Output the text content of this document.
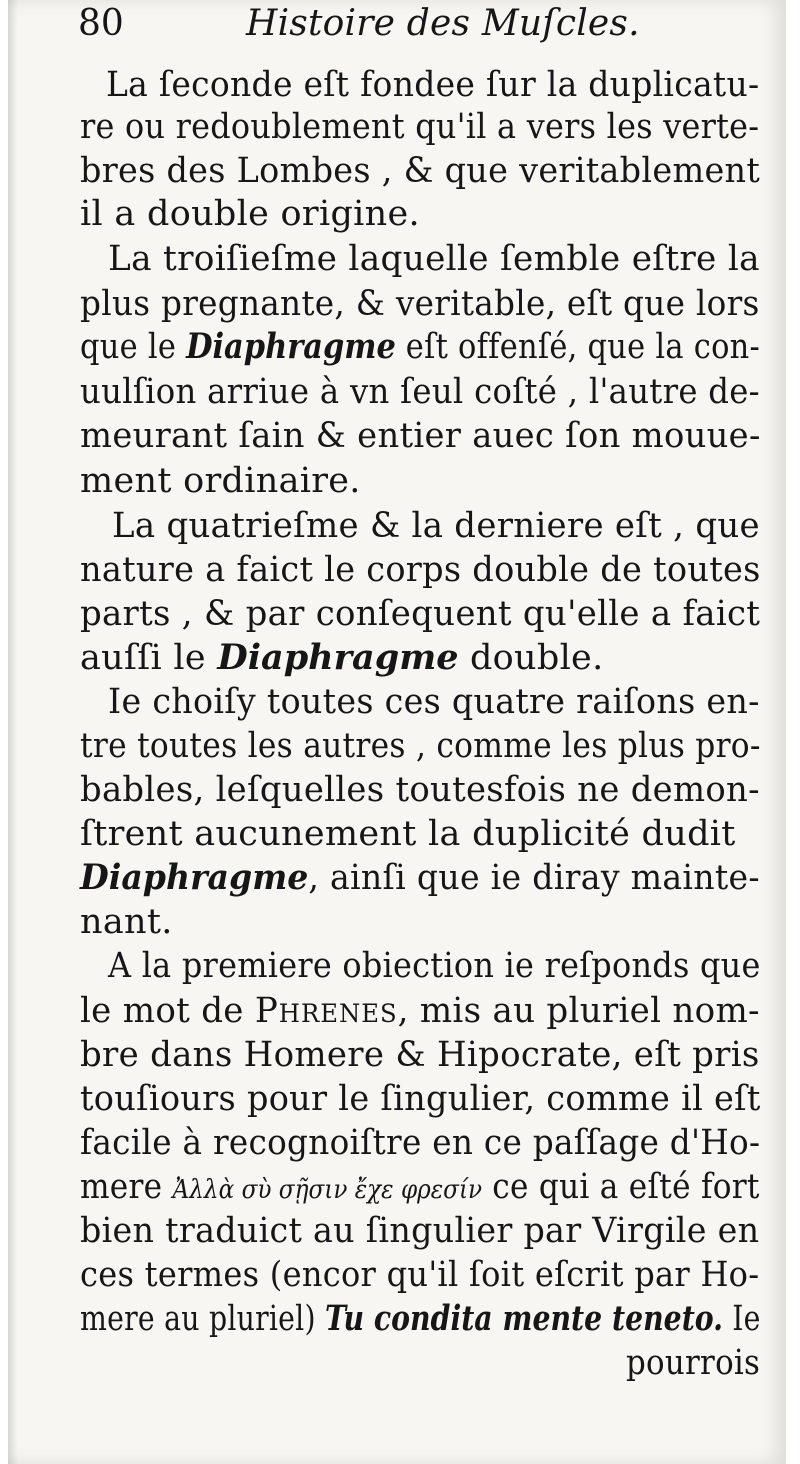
80	Histoire des Muſcles.
La ſeconde eſt fondee ſur la duplicatu-
re ou redoublement qu'il a vers les verte-
bres des Lombes , & que veritablement
il a double origine.
La troiſieſme laquelle ſemble eſtre la
plus pregnante, & veritable, eſt que lors
que le Diaphragme eſt offenſé, que la con-
uulſion arriue à vn ſeul coſté , l'autre de-
meurant ſain & entier auec ſon mouue-
ment ordinaire.
La quatrieſme & la derniere eſt , que
nature a faict le corps double de toutes
parts , & par conſequent qu'elle a faict
auſſi le Diaphragme double.
Ie choiſy toutes ces quatre raiſons en-
tre toutes les autres , comme les plus pro-
bables, leſquelles toutesfois ne demon-
ſtrent aucunement la duplicité dudit
Diaphragme, ainſi que ie diray mainte-
nant.
A la premiere obiection ie reſponds que
le mot de Phrenes, mis au pluriel nom-
bre dans Homere & Hipocrate, eſt pris
touſiours pour le ſingulier, comme il eſt
facile à recognoiſtre en ce paſſage d'Ho-
mere Ἀλλὰ σὺ σῇσιν ἔχε φρεσίν ce qui a eſté fort
bien traduict au ſingulier par Virgile en
ces termes (encor qu'il ſoit eſcrit par Ho-
mere au pluriel) Tu condita mente teneto. Ie
pourrois
